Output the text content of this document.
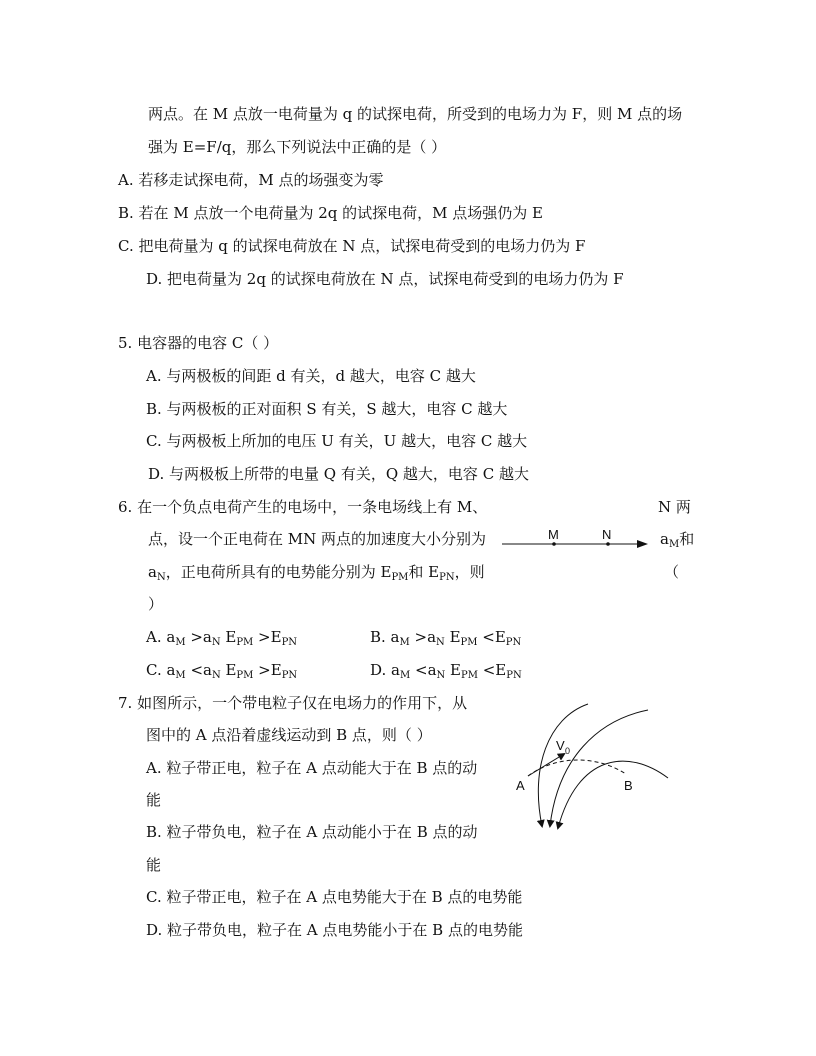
两点。在 M 点放一电荷量为 q 的试探电荷，所受到的电场力为 F，则 M 点的场
强为 E=F/q，那么下列说法中正确的是（ ）
A. 若移走试探电荷，M 点的场强变为零
B. 若在 M 点放一个电荷量为 2q 的试探电荷，M 点场强仍为 E
C. 把电荷量为 q 的试探电荷放在 N 点，试探电荷受到的电场力仍为 F
D. 把电荷量为 2q 的试探电荷放在 N 点，试探电荷受到的电场力仍为 F
5. 电容器的电容 C（ ）
A. 与两极板的间距 d 有关，d 越大，电容 C 越大
B. 与两极板的正对面积 S 有关，S 越大，电容 C 越大
C. 与两极板上所加的电压 U 有关，U 越大，电容 C 越大
D. 与两极板上所带的电量 Q 有关，Q 越大，电容 C 越大
6. 在一个负点电荷产生的电场中，一条电场线上有 M、	N 两
点，设一个正电荷在 MN 两点的加速度大小分别为	$a_M$和
$a_N$，正电荷所具有的电势能分别为 $E_{PM}$和 $E_{PN}$，则	（
）
M	N
A. $a_M >a_N$ $E_{PM} >E_{PN}$	B. $a_M >a_N$ $E_{PM} <E_{PN}$
C. $a_M <a_N$ $E_{PM} >E_{PN}$	D. $a_M <a_N$ $E_{PM} <E_{PN}$
7. 如图所示，一个带电粒子仅在电场力的作用下，从
图中的 A 点沿着虚线运动到 B 点，则（ ）
A. 粒子带正电，粒子在 A 点动能大于在 B 点的动
能
B. 粒子带负电，粒子在 A 点动能小于在 B 点的动
能
C. 粒子带正电，粒子在 A 点电势能大于在 B 点的电势能
D. 粒子带负电，粒子在 A 点电势能小于在 B 点的电势能
V 0
A	B
